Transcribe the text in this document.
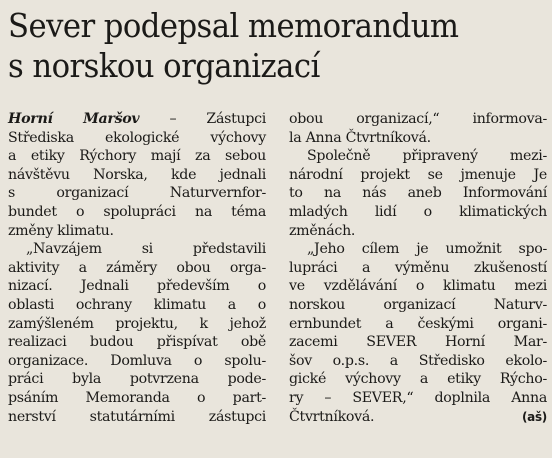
Sever podepsal memorandum
s norskou organizací
Horní Maršov – Zástupci
Střediska ekologické výchovy
a etiky Rýchory mají za sebou
návštěvu Norska, kde jednali
s organizací Naturvernfor-
bundet o spolupráci na téma
změny klimatu.
„Navzájem si představili
aktivity a záměry obou orga-
nizací. Jednali především o
oblasti ochrany klimatu a o
zamýšleném projektu, k jehož
realizaci budou přispívat obě
organizace. Domluva o spolu-
práci byla potvrzena pode-
psáním Memoranda o part-
nerství statutárními zástupci
obou organizací,“ informova-
la Anna Čtvrtníková.
Společně připravený mezi-
národní projekt se jmenuje Je
to na nás aneb Informování
mladých lidí o klimatických
změnách.
„Jeho cílem je umožnit spo-
lupráci a výměnu zkušeností
ve vzdělávání o klimatu mezi
norskou organizací Naturv-
ernbundet a českými organi-
zacemi SEVER Horní Mar-
šov o.p.s. a Středisko ekolo-
gické výchovy a etiky Rýcho-
ry – SEVER,“ doplnila Anna
Čtvrtníková.	(aš)
